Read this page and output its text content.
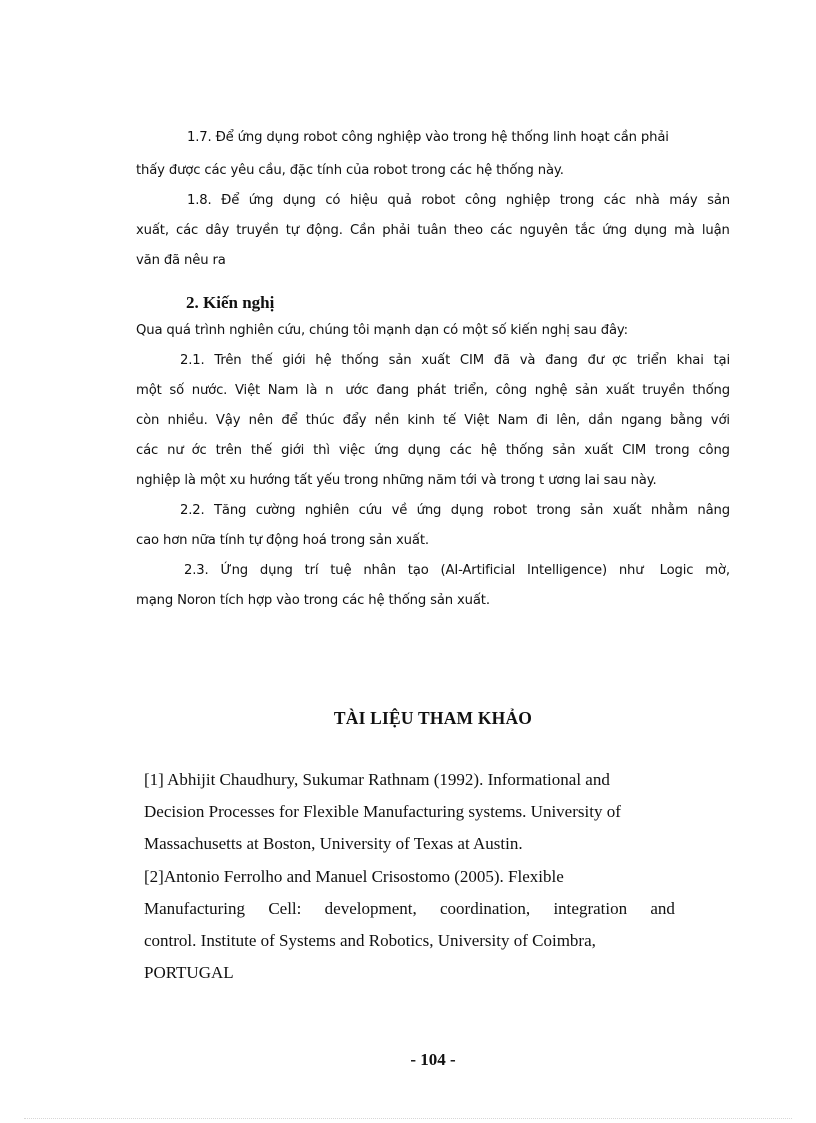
1.7. Để ứng dụng robot công nghiệp vào trong hệ thống linh hoạt cần phải
thấy được các yêu cầu, đặc tính của robot trong các hệ thống này.
1.8. Để ứng dụng có hiệu quả robot công nghiệp trong các nhà máy sản
xuất, các dây truyền tự động. Cần phải tuân theo các nguyên tắc ứng dụng mà luận
văn đã nêu ra
2. Kiến nghị
Qua quá trình nghiên cứu, chúng tôi mạnh dạn có một số kiến nghị sau đây:
2.1. Trên thế giới hệ thống sản xuất CIM đã và đang đư  ợc triển khai tại
một số nước. Việt Nam là n   ước đang phát triển, công nghệ sản xuất truyền thống
còn nhiều. Vậy nên để thúc đẩy nền kinh tế Việt Nam đi lên, dần ngang bằng với
các nư  ớc trên thế giới thì việc ứng dụng các hệ thống sản xuất CIM trong công
nghiệp là một xu hướng tất yếu trong những năm tới và trong t ương lai sau này.
2.2. Tăng cường nghiên cứu về ứng dụng robot trong sản xuất nhằm nâng
cao hơn nữa tính tự động hoá trong sản xuất.
2.3. Ứng dụng trí tuệ nhân tạo (AI-Artificial Intelligence) như    Logic mờ,
mạng Noron tích hợp vào trong các hệ thống sản xuất.
TÀI LIỆU THAM KHẢO
[1] Abhijit Chaudhury, Sukumar Rathnam (1992). Informational and
Decision Processes for Flexible Manufacturing systems. University of
Massachusetts at Boston, University of Texas at Austin.
[2]Antonio Ferrolho and Manuel Crisostomo (2005). Flexible
Manufacturing Cell: development, coordination, integration and
control. Institute of Systems and Robotics, University of Coimbra,
PORTUGAL
- 104 -
